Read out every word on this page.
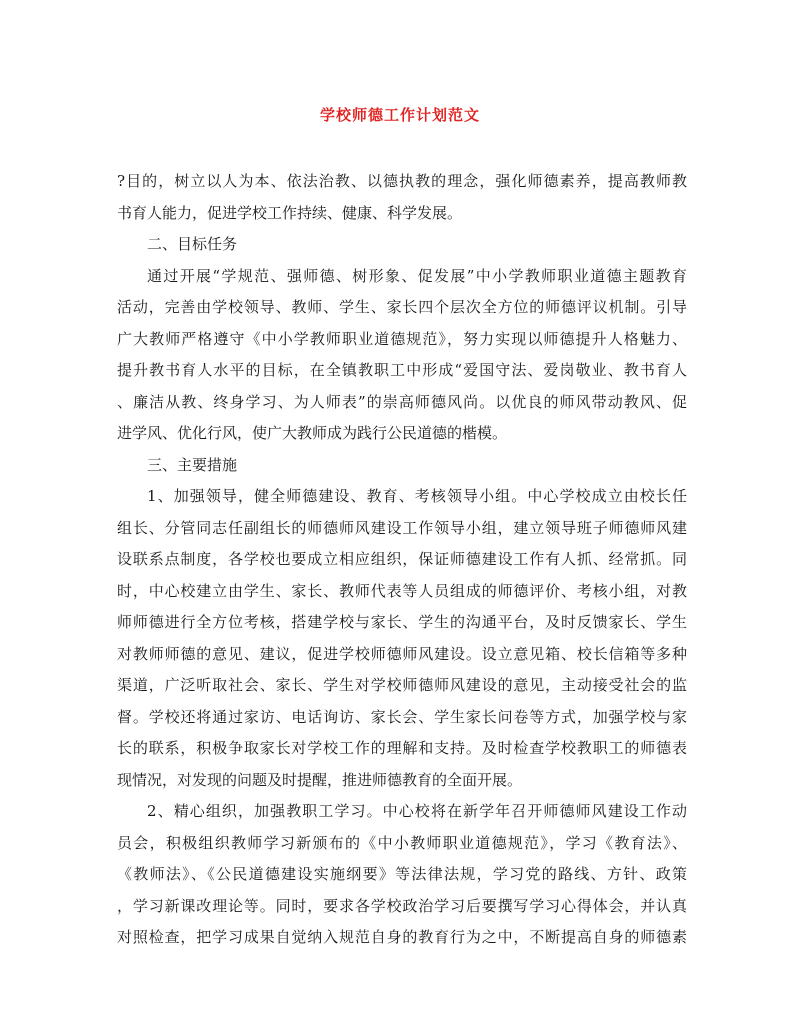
学校师德工作计划范文
?目的，树立以人为本、依法治教、以德执教的理念，强化师德素养，提高教师教
书育人能力，促进学校工作持续、健康、科学发展。
二、目标任务
通过开展“学规范、强师德、树形象、促发展”中小学教师职业道德主题教育
活动，完善由学校领导、教师、学生、家长四个层次全方位的师德评议机制。引导
广大教师严格遵守《中小学教师职业道德规范》，努力实现以师德提升人格魅力、
提升教书育人水平的目标，在全镇教职工中形成“爱国守法、爱岗敬业、教书育人
、廉洁从教、终身学习、为人师表”的崇高师德风尚。以优良的师风带动教风、促
进学风、优化行风，使广大教师成为践行公民道德的楷模。
三、主要措施
1、加强领导，健全师德建设、教育、考核领导小组。中心学校成立由校长任
组长、分管同志任副组长的师德师风建设工作领导小组，建立领导班子师德师风建
设联系点制度，各学校也要成立相应组织，保证师德建设工作有人抓、经常抓。同
时，中心校建立由学生、家长、教师代表等人员组成的师德评价、考核小组，对教
师师德进行全方位考核，搭建学校与家长、学生的沟通平台，及时反馈家长、学生
对教师师德的意见、建议，促进学校师德师风建设。设立意见箱、校长信箱等多种
渠道，广泛听取社会、家长、学生对学校师德师风建设的意见，主动接受社会的监
督。学校还将通过家访、电话询访、家长会、学生家长问卷等方式，加强学校与家
长的联系，积极争取家长对学校工作的理解和支持。及时检查学校教职工的师德表
现情况，对发现的问题及时提醒，推进师德教育的全面开展。
2、精心组织，加强教职工学习。中心校将在新学年召开师德师风建设工作动
员会，积极组织教师学习新颁布的《中小教师职业道德规范》，学习《教育法》、
《教师法》、《公民道德建设实施纲要》等法律法规，学习党的路线、方针、政策
，学习新课改理论等。同时，要求各学校政治学习后要撰写学习心得体会，并认真
对照检查，把学习成果自觉纳入规范自身的教育行为之中，不断提高自身的师德素
